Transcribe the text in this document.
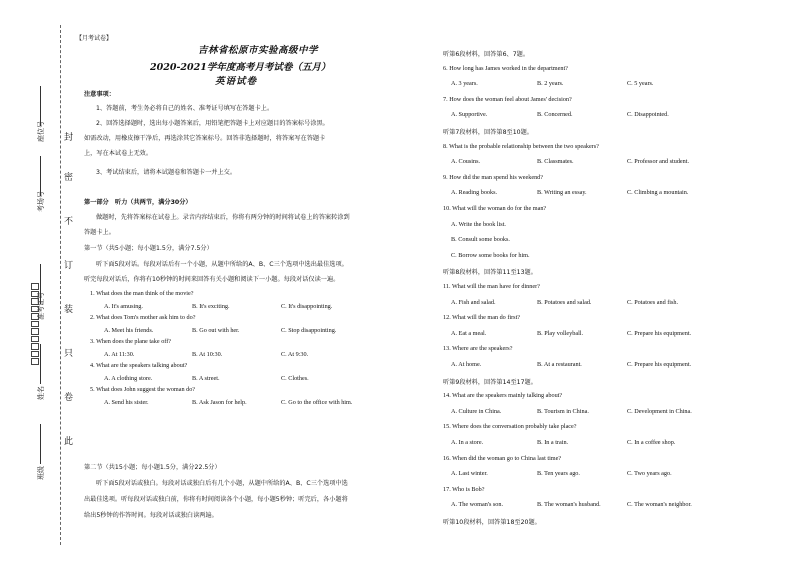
封
密
不
订
装
只
卷
此
座位号
考场号
准考证号
姓名
班级
【月考试卷】
吉林省松原市实验高级中学
2020-2021学年度高考月考试卷（五月）
英语试卷
注意事项：
1、答题前，考生务必将自己的姓名、准考证号填写在答题卡上。
2、回答选择题时，选出每小题答案后，用铅笔把答题卡上对应题目的答案标号涂黑。
如需改动，用橡皮擦干净后，再选涂其它答案标号。回答非选择题时，将答案写在答题卡
上，写在本试卷上无效。
3、考试结束后，请将本试题卷和答题卡一并上交。
第一部分　听力（共两节，满分30分）
做题时，先将答案标在试卷上。录音内容结束后，你将有两分钟的时间将试卷上的答案转涂到
答题卡上。
第一节（共5小题；每小题1.5分，满分7.5分）
听下面5段对话。每段对话后有一个小题，从题中所给的A、B、C三个选项中选出最佳选项。
听完每段对话后，你将有10秒钟的时间来回答有关小题和阅读下一小题。每段对话仅读一遍。
1. What does the man think of the movie?
A. It's amusing.	B. It's exciting.	C. It's disappointing.
2. What does Tom's mother ask him to do?
A. Meet his friends.	B. Go out with her.	C. Stop disappointing.
3. When does the plane take off?
A. At 11:30.	B. At 10:30.	C. At 9:30.
4. What are the speakers talking about?
A. A clothing store.	B. A street.	C. Clothes.
5. What does John suggest the woman do?
A. Send his sister.	B. Ask Jason for help.	C. Go to the office with him.
第二节（共15小题；每小题1.5分，满分22.5分）
听下面5段对话或独白。每段对话或独白后有几个小题，从题中所给的A、B、C三个选项中选
出最佳选项。听每段对话或独白前，你将有时间阅读各个小题，每小题5秒钟；听完后，各小题将
给出5秒钟的作答时间。每段对话或独白读两遍。
听第6段材料，回答第6、7题。
6. How long has James worked in the department?
A. 3 years.	B. 2 years.	C. 5 years.
7. How does the woman feel about James' decision?
A. Supportive.	B. Concerned.	C. Disappointed.
听第7段材料，回答第8至10题。
8. What is the probable relationship between the two speakers?
A. Cousins.	B. Classmates.	C. Professor and student.
9. How did the man spend his weekend?
A. Reading books.	B. Writing an essay.	C. Climbing a mountain.
10. What will the woman do for the man?
A. Write the book list.
B. Consult some books.
C. Borrow some books for him.
听第8段材料，回答第11至13题。
11. What will the man have for dinner?
A. Fish and salad.	B. Potatoes and salad.	C. Potatoes and fish.
12. What will the man do first?
A. Eat a meal.	B. Play volleyball.	C. Prepare his equipment.
13. Where are the speakers?
A. At home.	B. At a restaurant.	C. Prepare his equipment.
听第9段材料，回答第14至17题。
14. What are the speakers mainly talking about?
A. Culture in China.	B. Tourism in China.	C. Development in China.
15. Where does the conversation probably take place?
A. In a store.	B. In a train.	C. In a coffee shop.
16. When did the woman go to China last time?
A. Last winter.	B. Ten years ago.	C. Two years ago.
17. Who is Bob?
A. The woman's son.	B. The woman's husband.	C. The woman's neighbor.
听第10段材料，回答第18至20题。
